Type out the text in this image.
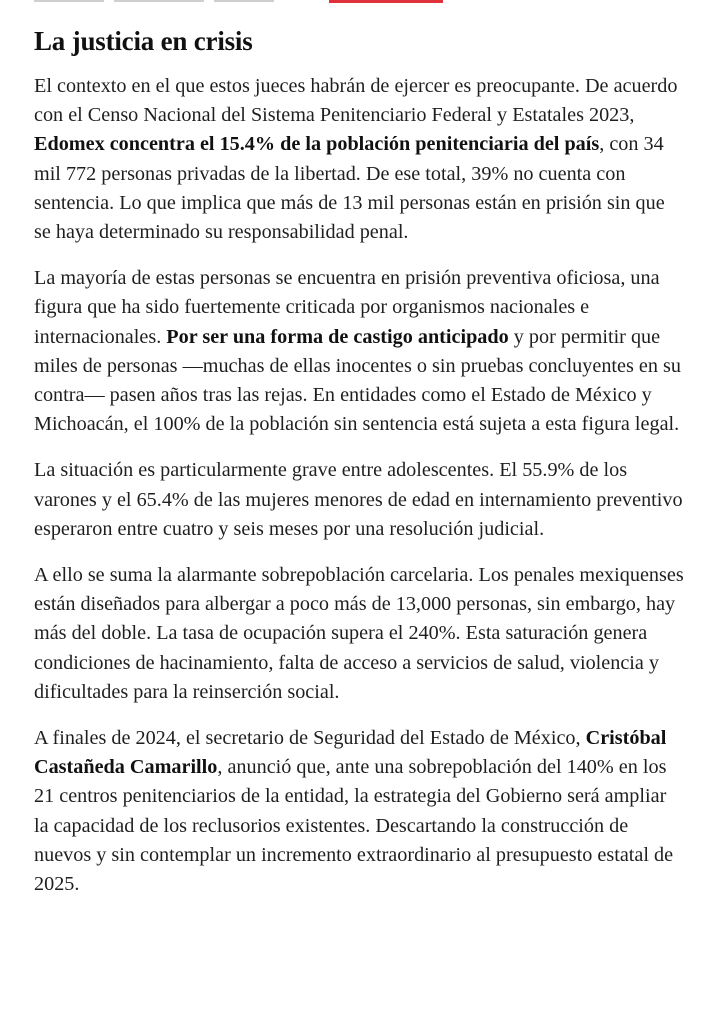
La justicia en crisis

El contexto en el que estos jueces habrán de ejercer es preocupante. De acuerdo con el Censo Nacional del Sistema Penitenciario Federal y Estatales 2023, Edomex concentra el 15.4% de la población penitenciaria del país, con 34 mil 772 personas privadas de la libertad. De ese total, 39% no cuenta con sentencia. Lo que implica que más de 13 mil personas están en prisión sin que se haya determinado su responsabilidad penal.

La mayoría de estas personas se encuentra en prisión preventiva oficiosa, una figura que ha sido fuertemente criticada por organismos nacionales e internacionales. Por ser una forma de castigo anticipado y por permitir que miles de personas —muchas de ellas inocentes o sin pruebas concluyentes en su contra— pasen años tras las rejas. En entidades como el Estado de México y Michoacán, el 100% de la población sin sentencia está sujeta a esta figura legal.

La situación es particularmente grave entre adolescentes. El 55.9% de los varones y el 65.4% de las mujeres menores de edad en internamiento preventivo esperaron entre cuatro y seis meses por una resolución judicial.

A ello se suma la alarmante sobrepoblación carcelaria. Los penales mexiquenses están diseñados para albergar a poco más de 13,000 personas, sin embargo, hay más del doble. La tasa de ocupación supera el 240%. Esta saturación genera condiciones de hacinamiento, falta de acceso a servicios de salud, violencia y dificultades para la reinserción social.

A finales de 2024, el secretario de Seguridad del Estado de México, Cristóbal Castañeda Camarillo, anunció que, ante una sobrepoblación del 140% en los 21 centros penitenciarios de la entidad, la estrategia del Gobierno será ampliar la capacidad de los reclusorios existentes. Descartando la construcción de nuevos y sin contemplar un incremento extraordinario al presupuesto estatal de 2025.
